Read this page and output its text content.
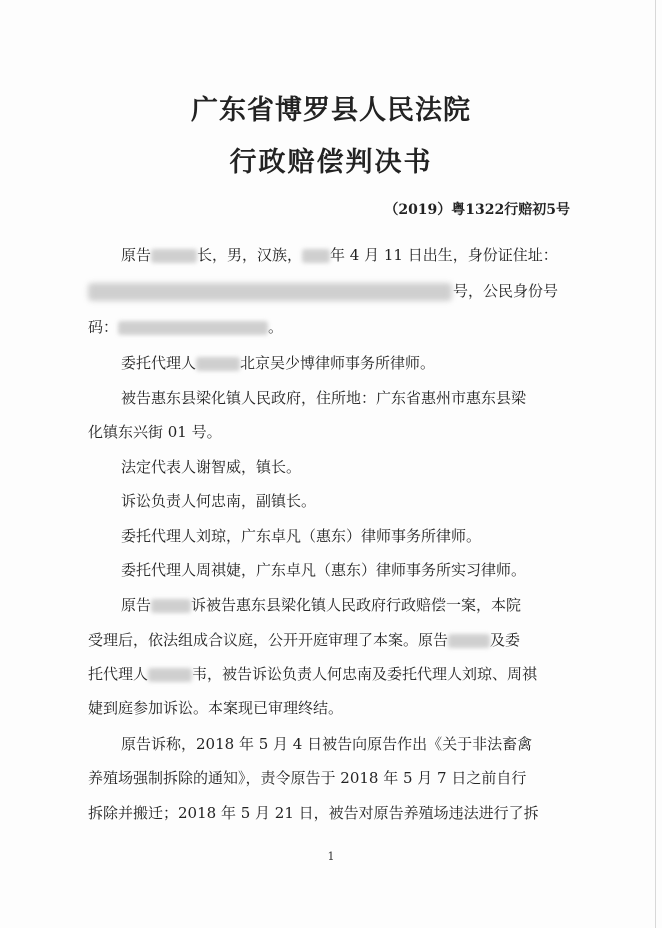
广东省博罗县人民法院
行政赔偿判决书
（2019）粤1322行赔初5号
原告	长，男，汉族， 年 4 月 11 日出生，身份证住址：
号，公民身份号
码：	。
委托代理人	北京吴少博律师事务所律师。
被告惠东县梁化镇人民政府，住所地：广东省惠州市惠东县梁
化镇东兴街 01 号。
法定代表人谢智威，镇长。
诉讼负责人何忠南，副镇长。
委托代理人刘琼，广东卓凡（惠东）律师事务所律师。
委托代理人周祺婕，广东卓凡（惠东）律师事务所实习律师。
原告	诉被告惠东县梁化镇人民政府行政赔偿一案，本院
受理后，依法组成合议庭，公开开庭审理了本案。原告	及委
托代理人	韦，被告诉讼负责人何忠南及委托代理人刘琼、周祺
婕到庭参加诉讼。本案现已审理终结。
原告诉称，2018 年 5 月 4 日被告向原告作出《关于非法畜禽
养殖场强制拆除的通知》，责令原告于 2018 年 5 月 7 日之前自行
拆除并搬迁；2018 年 5 月 21 日，被告对原告养殖场违法进行了拆
1
